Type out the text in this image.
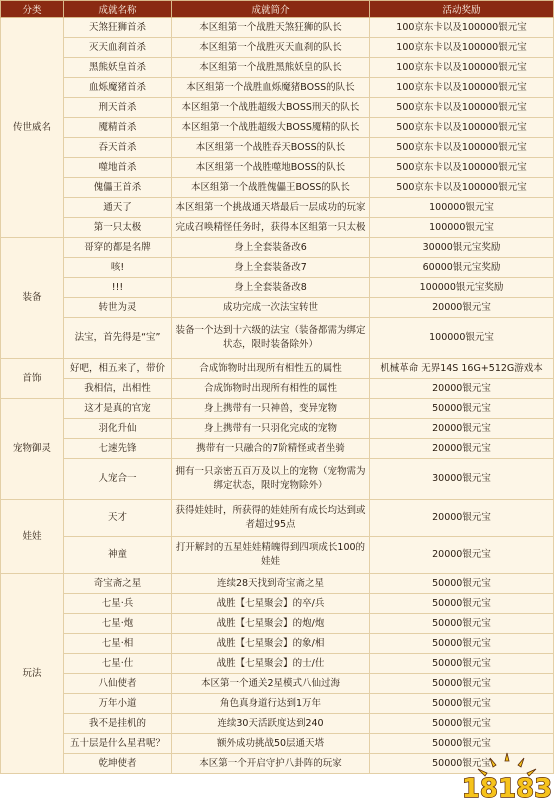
分类	成就名称	成就简介	活动奖励
传世威名	天煞狂狮首杀	本区组第一个战胜天煞狂狮的队长	100京东卡以及100000银元宝
	灭天血刹首杀	本区组第一个战胜灭天血刹的队长	100京东卡以及100000银元宝
	黑熊妖皇首杀	本区组第一个战胜黑熊妖皇的队长	100京东卡以及100000银元宝
	血烁魔猪首杀	本区组第一个战胜血烁魔猪BOSS的队长	100京东卡以及100000银元宝
	刑天首杀	本区组第一个战胜超级大BOSS刑天的队长	500京东卡以及100000银元宝
	魇精首杀	本区组第一个战胜超级大BOSS魇精的队长	500京东卡以及100000银元宝
	吞天首杀	本区组第一个战胜吞天BOSS的队长	500京东卡以及100000银元宝
	噬地首杀	本区组第一个战胜噬地BOSS的队长	500京东卡以及100000银元宝
	傀儡王首杀	本区组第一个战胜傀儡王BOSS的队长	500京东卡以及100000银元宝
	通天了	本区组第一个挑战通天塔最后一层成功的玩家	100000银元宝
	第一只太极	完成召唤精怪任务时，获得本区组第一只太极	100000银元宝
装备	哥穿的都是名牌	身上全套装备改6	30000银元宝奖励
	咳!	身上全套装备改7	60000银元宝奖励
	!!!	身上全套装备改8	100000银元宝奖励
	转世为灵	成功完成一次法宝转世	20000银元宝
	法宝，首先得是“宝”	装备一个达到十六级的法宝（装备都需为绑定状态，限时装备除外）	100000银元宝
首饰	好吧，相五来了，带价	合成饰物时出现所有相性五的属性	机械革命 无界14S 16G+512G游戏本
	我相信，出相性	合成饰物时出现所有相性的属性	20000银元宝
宠物御灵	这才是真的官宠	身上携带有一只神兽，变异宠物	50000银元宝
	羽化升仙	身上携带有一只羽化完成的宠物	20000银元宝
	七速先锋	携带有一只融合的7阶精怪或者坐骑	20000银元宝
	人宠合一	拥有一只亲密五百万及以上的宠物（宠物需为绑定状态，限时宠物除外）	30000银元宝
娃娃	天才	获得娃娃时，所获得的娃娃所有成长均达到或者超过95点	20000银元宝
	神童	打开解封的五星娃娃精魄得到四项成长100的娃娃	20000银元宝
玩法	奇宝斋之星	连续28天找到奇宝斋之星	50000银元宝
	七星·兵	战胜【七星聚会】的卒/兵	50000银元宝
	七星·炮	战胜【七星聚会】的炮/炮	50000银元宝
	七星·相	战胜【七星聚会】的象/相	50000银元宝
	七星·仕	战胜【七星聚会】的士/仕	50000银元宝
	八仙使者	本区第一个通关2星模式八仙过海	50000银元宝
	万年小道	角色真身道行达到1万年	50000银元宝
	我不是挂机的	连续30天活跃度达到240	50000银元宝
	五十层是什么星君呢？	额外成功挑战50层通天塔	50000银元宝
	乾坤使者	本区第一个开启守护八卦阵的玩家	50000银元宝
18183
